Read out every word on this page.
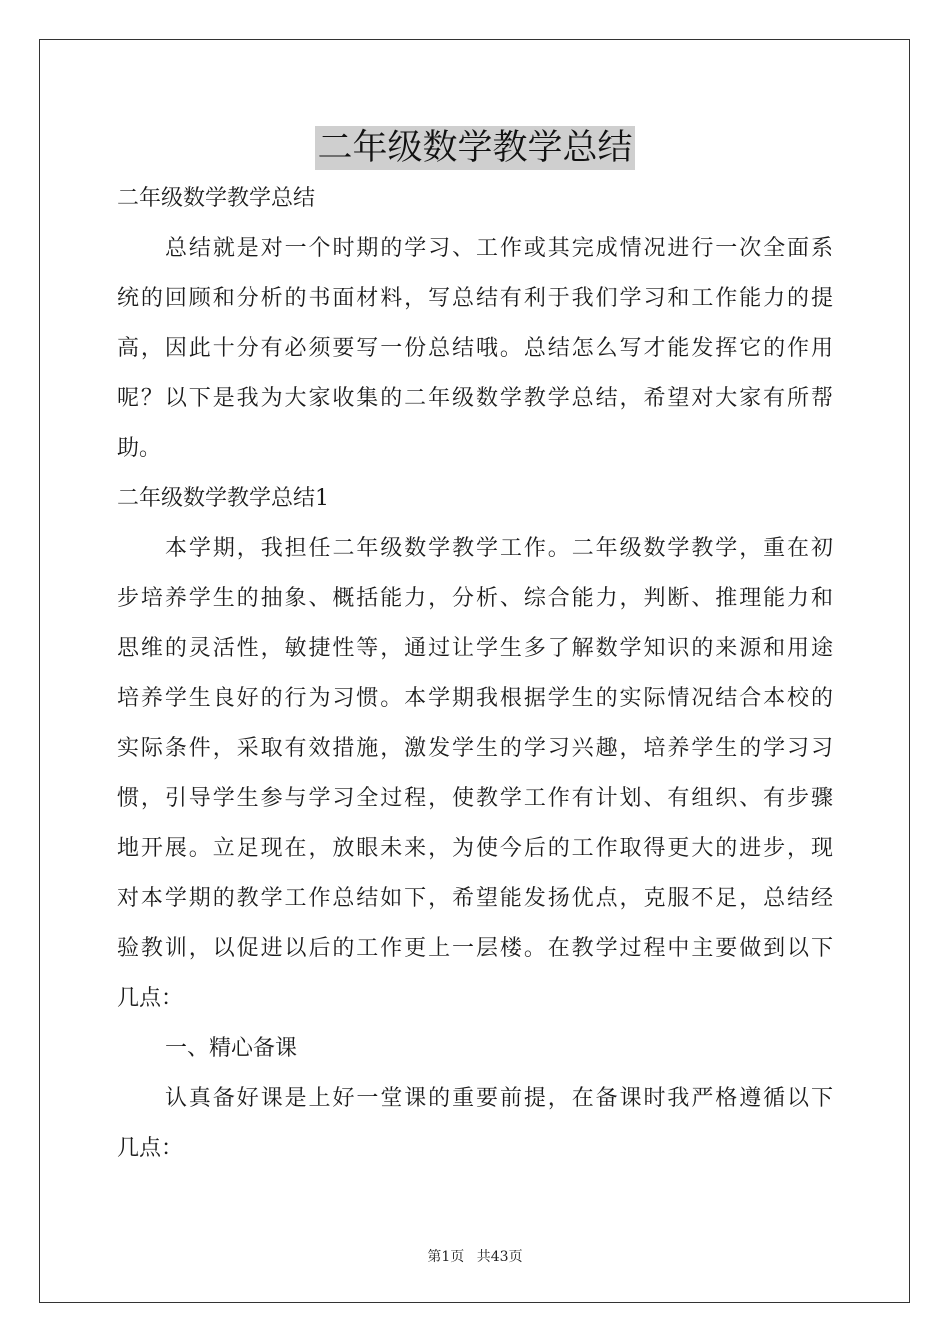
二年级数学教学总结
二年级数学教学总结
总结就是对一个时期的学习、工作或其完成情况进行一次全面系
统的回顾和分析的书面材料，写总结有利于我们学习和工作能力的提
高，因此十分有必须要写一份总结哦。总结怎么写才能发挥它的作用
呢？以下是我为大家收集的二年级数学教学总结，希望对大家有所帮
助。
二年级数学教学总结1
本学期，我担任二年级数学教学工作。二年级数学教学，重在初
步培养学生的抽象、概括能力，分析、综合能力，判断、推理能力和
思维的灵活性，敏捷性等，通过让学生多了解数学知识的来源和用途
培养学生良好的行为习惯。本学期我根据学生的实际情况结合本校的
实际条件，采取有效措施，激发学生的学习兴趣，培养学生的学习习
惯，引导学生参与学习全过程，使教学工作有计划、有组织、有步骤
地开展。立足现在，放眼未来，为使今后的工作取得更大的进步，现
对本学期的教学工作总结如下，希望能发扬优点，克服不足，总结经
验教训，以促进以后的工作更上一层楼。在教学过程中主要做到以下
几点：
一、精心备课
认真备好课是上好一堂课的重要前提，在备课时我严格遵循以下
几点：
第1页 共43页
